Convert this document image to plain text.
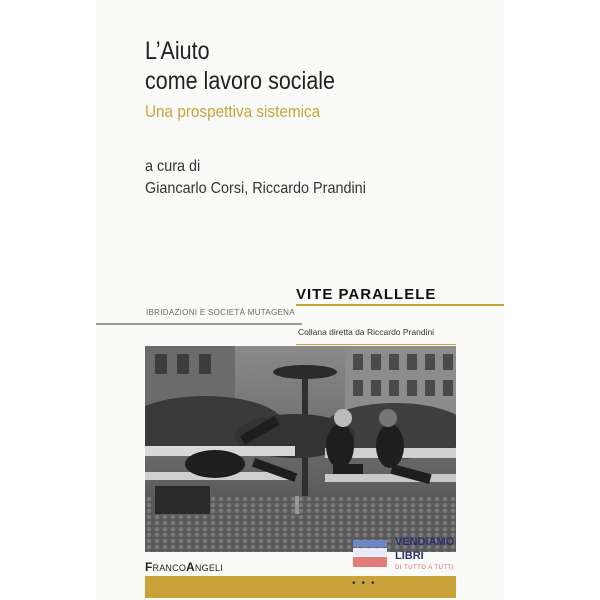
L’Aiuto
come lavoro sociale
Una prospettiva sistemica
a cura di
Giancarlo Corsi, Riccardo Prandini
VITE PARALLELE
IBRIDAZIONI E SOCIETÀ MUTAGENA
Collana diretta da Riccardo Prandini
FRANCOANGELI
VENDIAMO
LIBRI
DI TUTTO A TUTTI
•••
